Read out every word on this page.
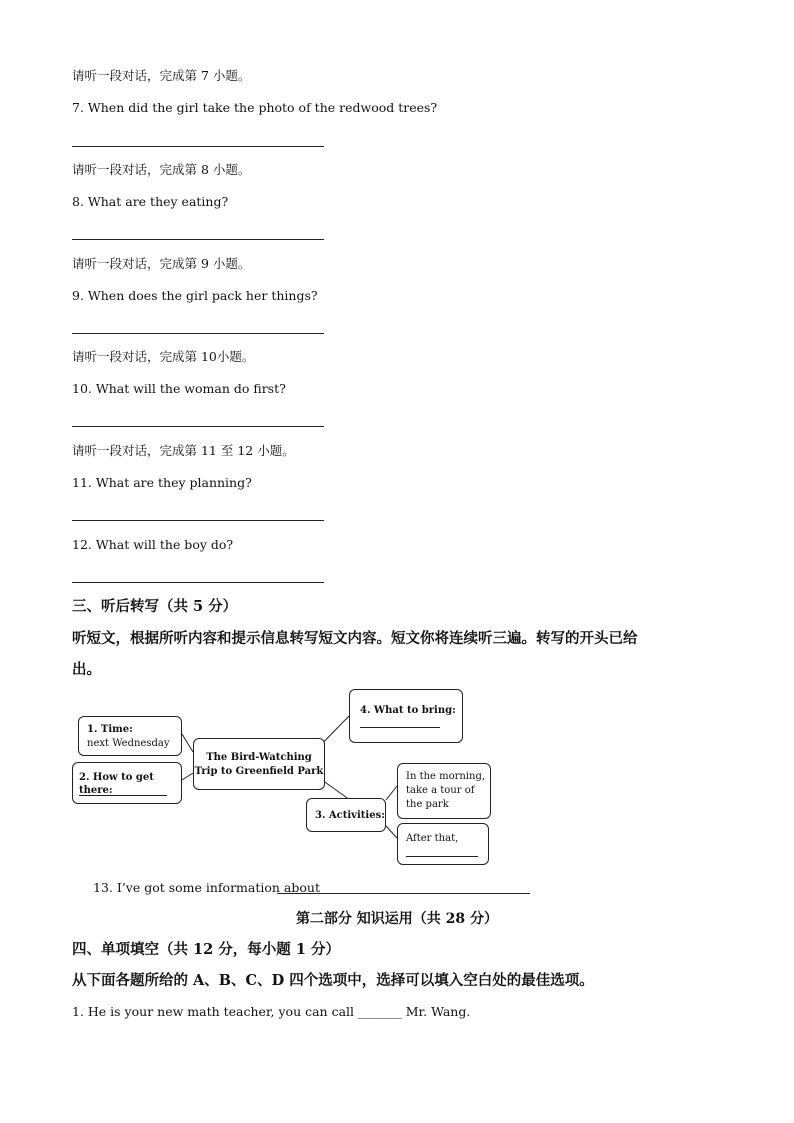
请听一段对话，完成第 7 小题。
7. When did the girl take the photo of the redwood trees?
请听一段对话，完成第 8 小题。
8. What are they eating?
请听一段对话，完成第 9 小题。
9. When does the girl pack her things?
请听一段对话，完成第 10小题。
10. What will the woman do first?
请听一段对话，完成第 11 至 12 小题。
11. What are they planning?
12. What will the boy do?
三、听后转写（共 5 分）
听短文，根据所听内容和提示信息转写短文内容。短文你将连续听三遍。转写的开头已给
出。
1. Time:
next Wednesday
2. How to get there:
The Bird-Watching
Trip to Greenfield Park
4. What to bring:
3. Activities:
In the morning,
take a tour of
the park
After that,
13. I’ve got some information about
第二部分 知识运用（共 28 分）
四、单项填空（共 12 分，每小题 1 分）
从下面各题所给的 A、B、C、D 四个选项中，选择可以填入空白处的最佳选项。
1. He is your new math teacher, you can call _______ Mr. Wang.
